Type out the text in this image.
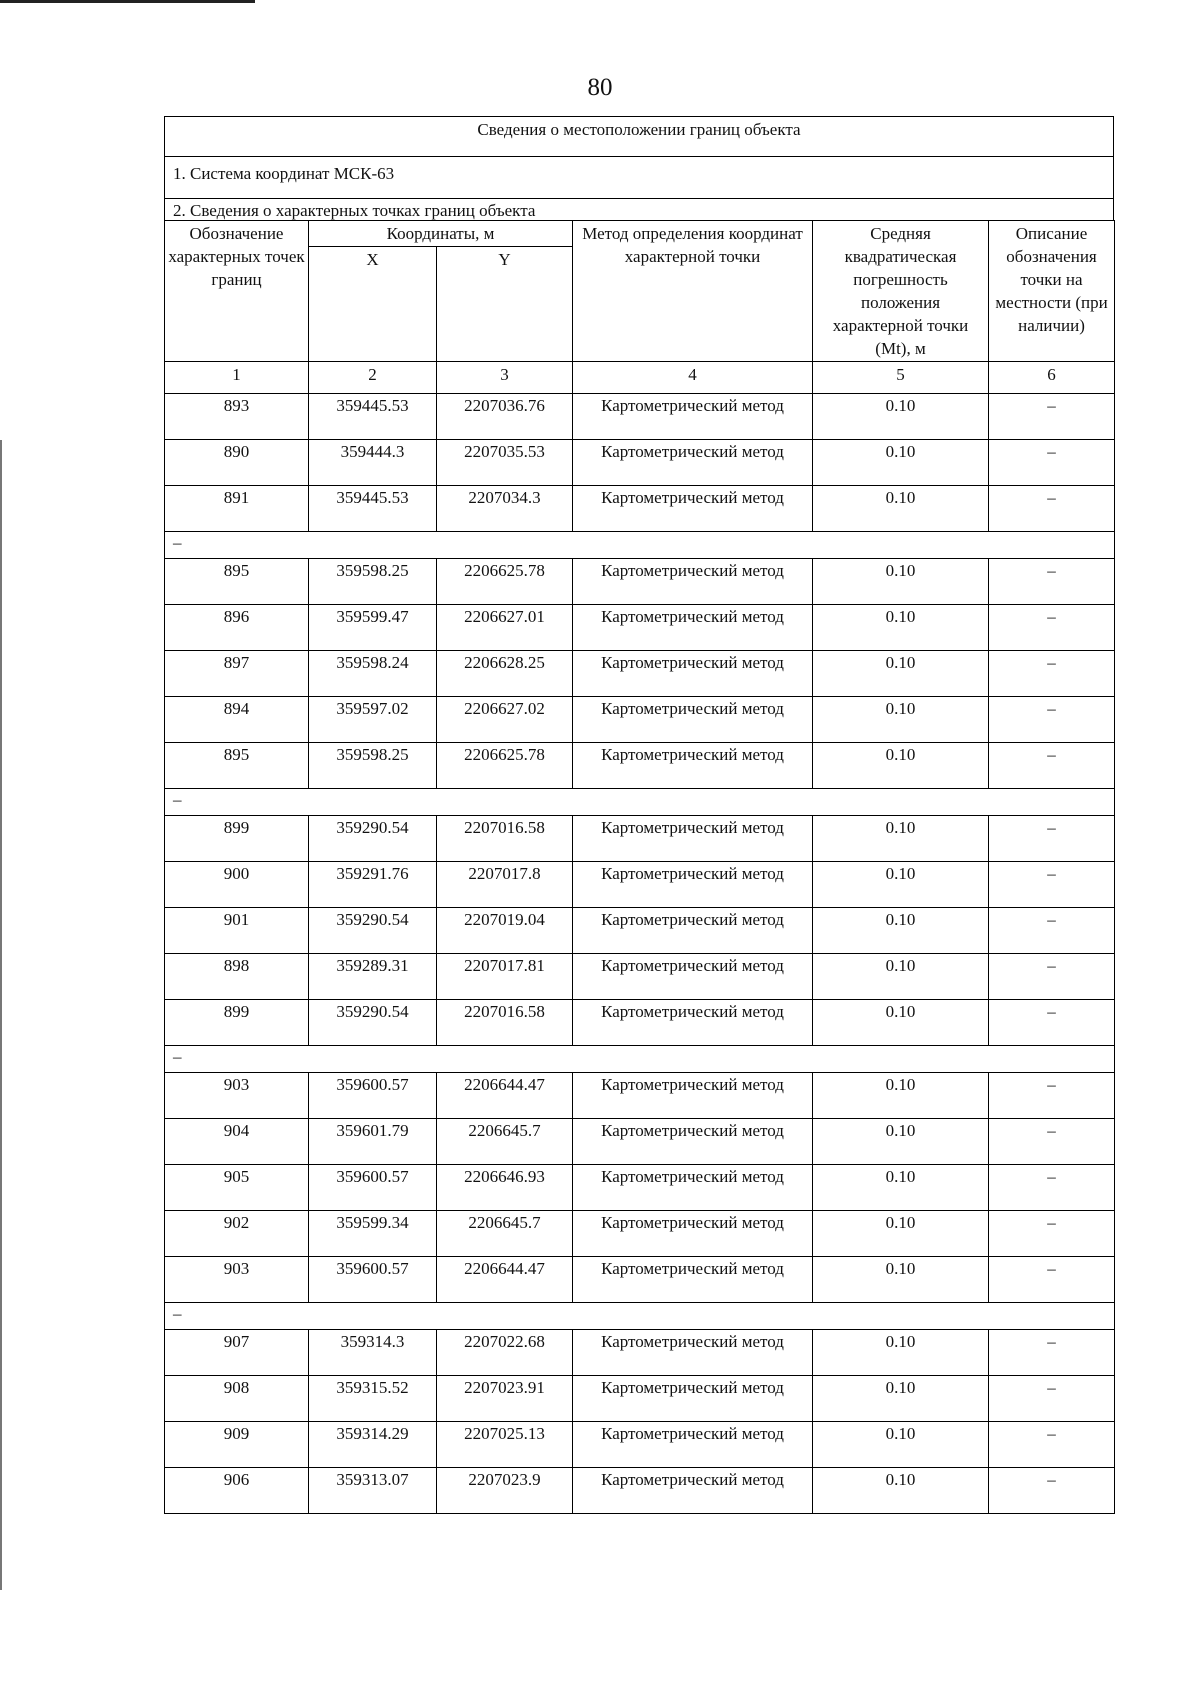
80
Сведения о местоположении границ объекта
1. Система координат МСК-63
2. Сведения о характерных точках границ объекта
Обозначение характерных точек границ	Координаты, м		Метод определения координат характерной точки	Средняя квадратическая погрешность положения характерной точки (Mt), м	Описание обозначения точки на местности (при наличии)
	X	Y			
1	2	3	4	5	6
893	359445.53	2207036.76	Картометрический метод	0.10	–
890	359444.3	2207035.53	Картометрический метод	0.10	–
891	359445.53	2207034.3	Картометрический метод	0.10	–
–					
895	359598.25	2206625.78	Картометрический метод	0.10	–
896	359599.47	2206627.01	Картометрический метод	0.10	–
897	359598.24	2206628.25	Картометрический метод	0.10	–
894	359597.02	2206627.02	Картометрический метод	0.10	–
895	359598.25	2206625.78	Картометрический метод	0.10	–
–					
899	359290.54	2207016.58	Картометрический метод	0.10	–
900	359291.76	2207017.8	Картометрический метод	0.10	–
901	359290.54	2207019.04	Картометрический метод	0.10	–
898	359289.31	2207017.81	Картометрический метод	0.10	–
899	359290.54	2207016.58	Картометрический метод	0.10	–
–					
903	359600.57	2206644.47	Картометрический метод	0.10	–
904	359601.79	2206645.7	Картометрический метод	0.10	–
905	359600.57	2206646.93	Картометрический метод	0.10	–
902	359599.34	2206645.7	Картометрический метод	0.10	–
903	359600.57	2206644.47	Картометрический метод	0.10	–
–					
907	359314.3	2207022.68	Картометрический метод	0.10	–
908	359315.52	2207023.91	Картометрический метод	0.10	–
909	359314.29	2207025.13	Картометрический метод	0.10	–
906	359313.07	2207023.9	Картометрический метод	0.10	–
